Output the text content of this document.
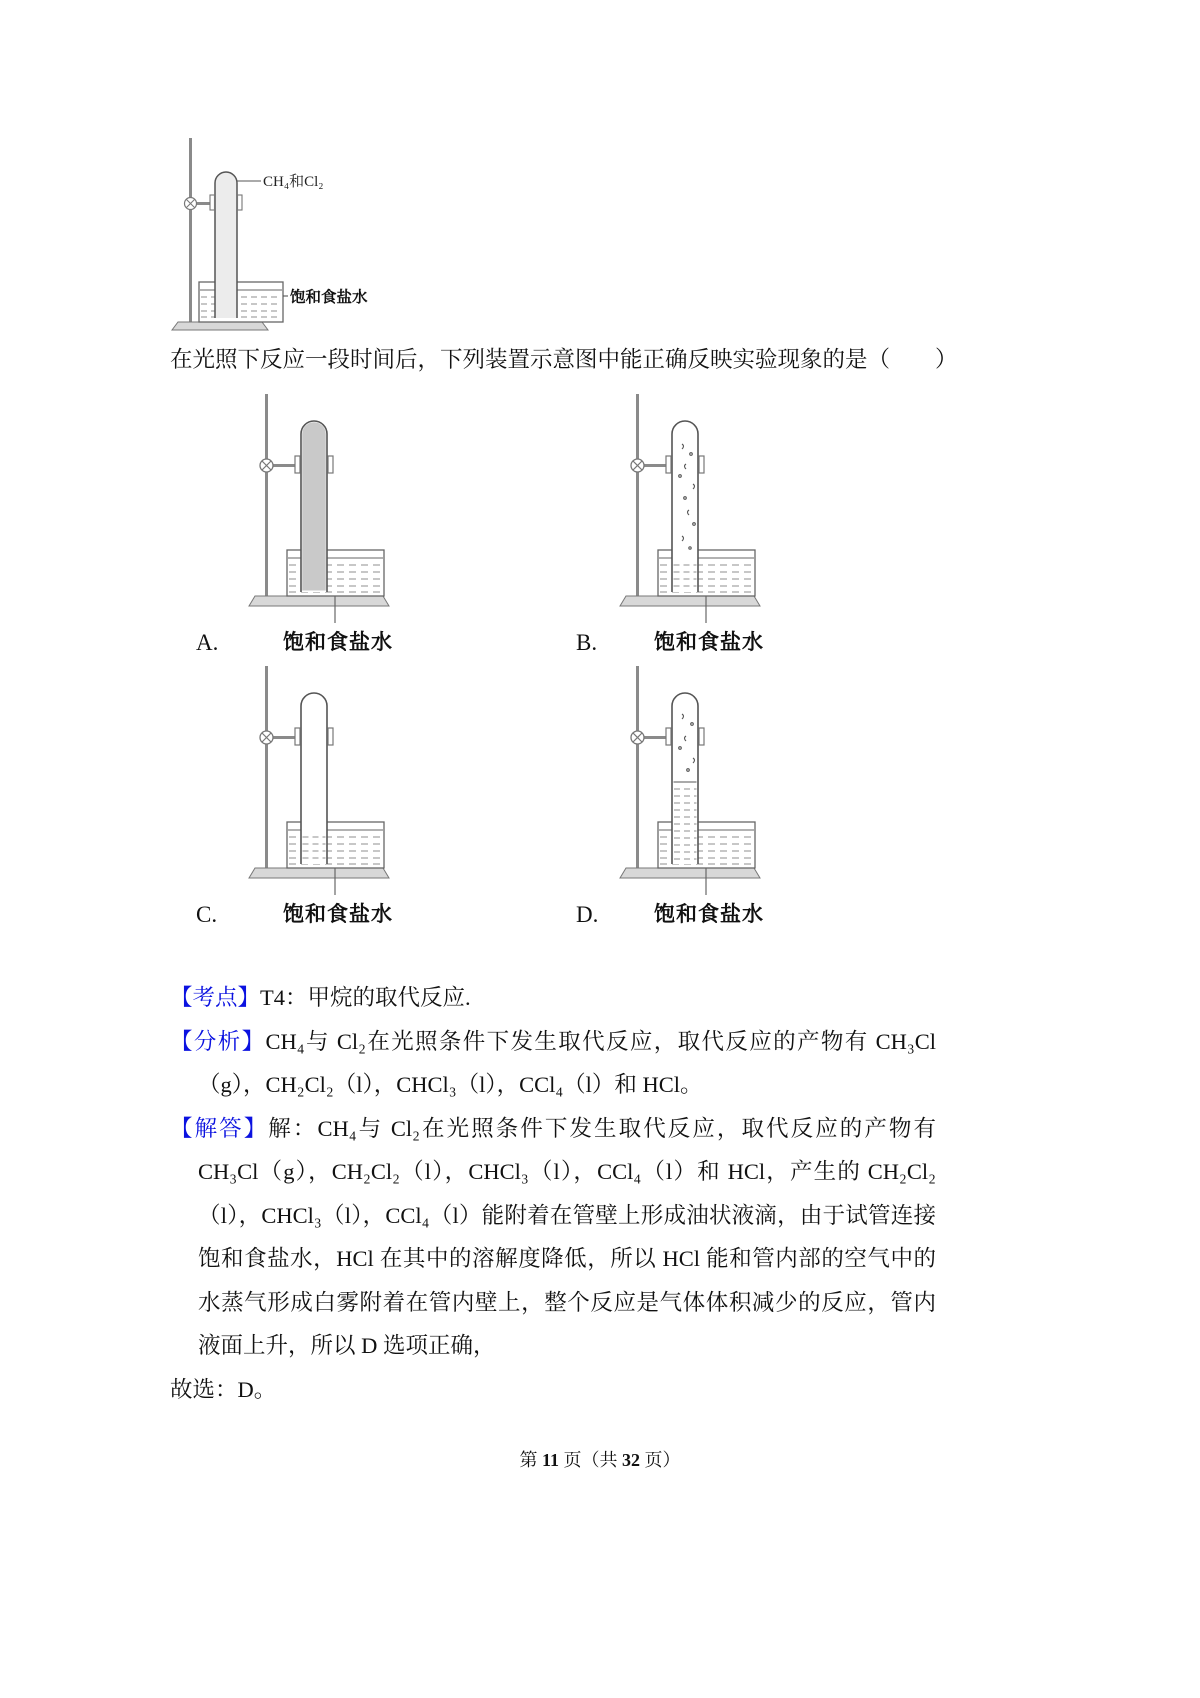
CH₄和Cl₂
饱和食盐水

在光照下反应一段时间后，下列装置示意图中能正确反映实验现象的是（　　）

A.	饱和食盐水	B.	饱和食盐水
C.	饱和食盐水	D.	饱和食盐水

【考点】T4：甲烷的取代反应.

【分析】CH₄与 Cl₂在光照条件下发生取代反应，取代反应的产物有 CH₃Cl（g），CH₂Cl₂（l），CHCl₃（l），CCl₄（l）和 HCl。

【解答】解：CH₄与 Cl₂在光照条件下发生取代反应，取代反应的产物有 CH₃Cl（g），CH₂Cl₂（l），CHCl₃（l），CCl₄（l）和 HCl，产生的 CH₂Cl₂（l），CHCl₃（l），CCl₄（l）能附着在管壁上形成油状液滴，由于试管连接饱和食盐水，HCl 在其中的溶解度降低，所以 HCl 能和管内部的空气中的水蒸气形成白雾附着在管内壁上，整个反应是气体体积减少的反应，管内液面上升，所以 D 选项正确，

故选：D。

第 11 页（共 32 页）
